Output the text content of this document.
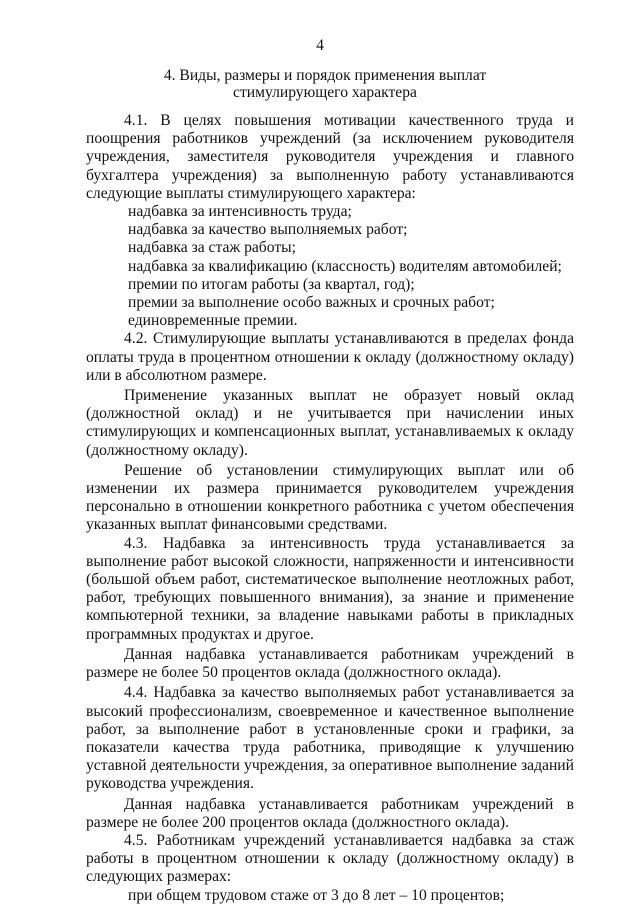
4
4. Виды, размеры и порядок применения выплат
стимулирующего характера

4.1. В целях повышения мотивации качественного труда и поощрения работников учреждений (за исключением руководителя учреждения, заместителя руководителя учреждения и главного бухгалтера учреждения) за выполненную работу устанавливаются следующие выплаты стимулирующего характера:

надбавка за интенсивность труда;

надбавка за качество выполняемых работ;

надбавка за стаж работы;

надбавка за квалификацию (классность) водителям автомобилей;

премии по итогам работы (за квартал, год);

премии за выполнение особо важных и срочных работ;

единовременные премии.

4.2. Стимулирующие выплаты устанавливаются в пределах фонда оплаты труда в процентном отношении к окладу (должностному окладу) или в абсолютном размере.

Применение указанных выплат не образует новый оклад (должностной оклад) и не учитывается при начислении иных стимулирующих и компенсационных выплат, устанавливаемых к окладу (должностному окладу).

Решение об установлении стимулирующих выплат или об изменении их размера принимается руководителем учреждения персонально в отношении конкретного работника с учетом обеспечения указанных выплат финансовыми средствами.

4.3. Надбавка за интенсивность труда устанавливается за выполнение работ высокой сложности, напряженности и интенсивности (большой объем работ, систематическое выполнение неотложных работ, работ, требующих повышенного внимания), за знание и применение компьютерной техники, за владение навыками работы в прикладных программных продуктах и другое.

Данная надбавка устанавливается работникам учреждений в размере не более 50 процентов оклада (должностного оклада).

4.4. Надбавка за качество выполняемых работ устанавливается за высокий профессионализм, своевременное и качественное выполнение работ, за выполнение работ в установленные сроки и графики, за показатели качества труда работника, приводящие к улучшению уставной деятельности учреждения, за оперативное выполнение заданий руководства учреждения.

Данная надбавка устанавливается работникам учреждений в размере не более 200 процентов оклада (должностного оклада).

4.5. Работникам учреждений устанавливается надбавка за стаж работы в процентном отношении к окладу (должностному окладу) в следующих размерах:

при общем трудовом стаже от 3 до 8 лет – 10 процентов;
